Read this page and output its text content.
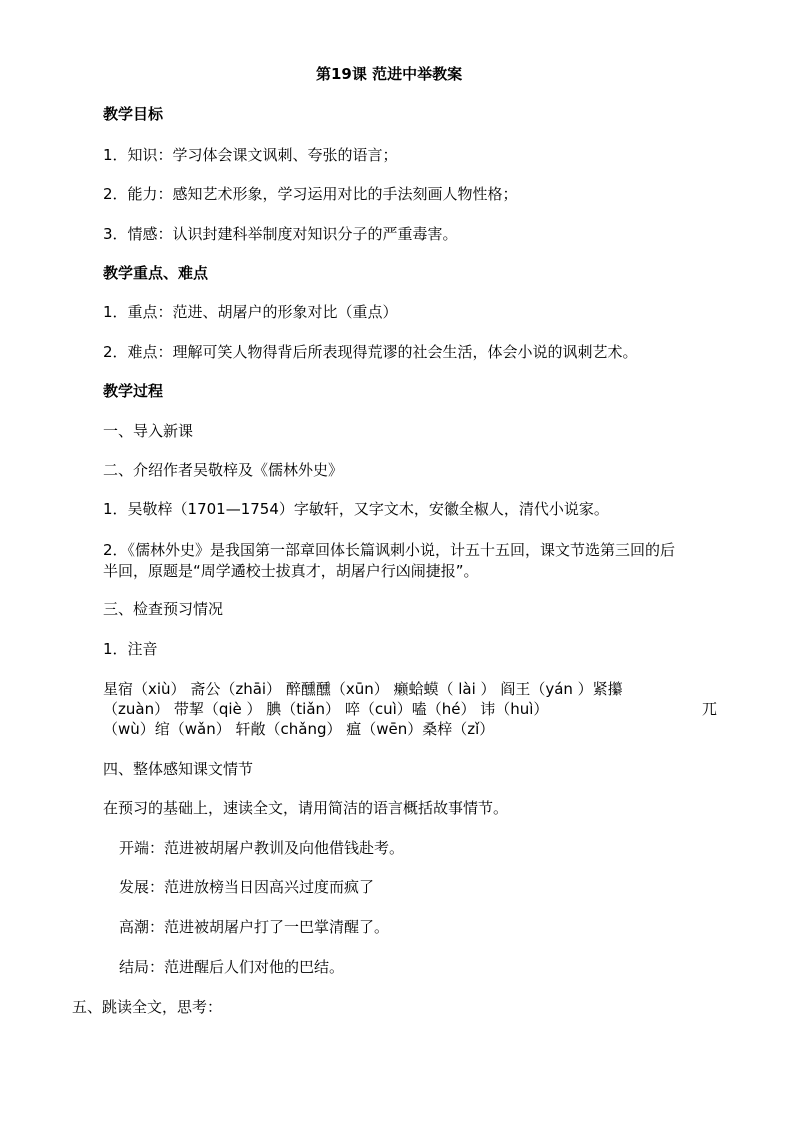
第19课 范进中举教案
教学目标
1．知识：学习体会课文讽刺、夸张的语言；
2．能力：感知艺术形象，学习运用对比的手法刻画人物性格；
3．情感：认识封建科举制度对知识分子的严重毒害。
教学重点、难点
1．重点：范进、胡屠户的形象对比（重点）
2．难点：理解可笑人物得背后所表现得荒谬的社会生活，体会小说的讽刺艺术。
教学过程
一、导入新课
二、介绍作者吴敬梓及《儒林外史》
1．吴敬梓（1701—1754）字敏轩，又字文木，安徽全椒人，清代小说家。
2．《儒林外史》是我国第一部章回体长篇讽刺小说，计五十五回，课文节选第三回的后
半回，原题是“周学遹校士拔真才，胡屠户行凶闹捷报”。
三、检查预习情况
1．注音
星宿（xiù） 斋公（zhāi） 醉醺醺（xūn） 癞蛤蟆（ lài ） 阎王（yán ）紧攥
（zuàn） 带挈（qiè ） 腆（tiǎn） 啐（cuì）嗑（hé） 讳（huì）	兀
（wù）绾（wǎn） 轩敞（chǎng） 瘟（wēn）桑梓（zǐ）
四、整体感知课文情节
在预习的基础上，速读全文，请用简洁的语言概括故事情节。
开端：范进被胡屠户教训及向他借钱赴考。
发展：范进放榜当日因高兴过度而疯了
高潮：范进被胡屠户打了一巴掌清醒了。
结局：范进醒后人们对他的巴结。
五、跳读全文，思考：
